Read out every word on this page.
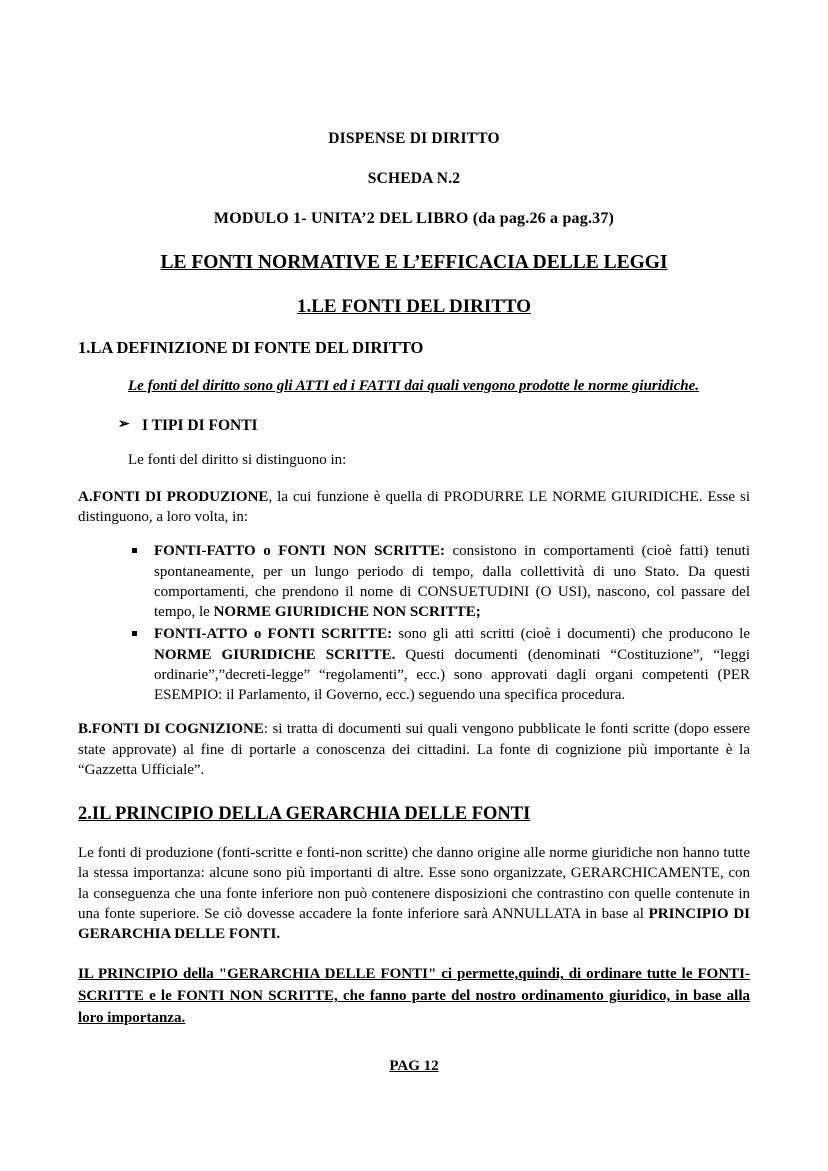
DISPENSE DI DIRITTO
SCHEDA N.2
MODULO 1- UNITA’2 DEL LIBRO (da pag.26 a pag.37)
LE FONTI NORMATIVE E L’EFFICACIA DELLE LEGGI
1.LE FONTI DEL DIRITTO
1.LA DEFINIZIONE DI FONTE DEL DIRITTO
Le fonti del diritto sono gli ATTI ed i FATTI dai quali vengono prodotte le norme giuridiche.
➢ I TIPI DI FONTI
Le fonti del diritto si distinguono in:
A.FONTI DI PRODUZIONE, la cui funzione è quella di PRODURRE LE NORME GIURIDICHE. Esse si distinguono, a loro volta, in:
FONTI-FATTO o FONTI NON SCRITTE: consistono in comportamenti (cioè fatti) tenuti spontaneamente, per un lungo periodo di tempo, dalla collettività di uno Stato. Da questi comportamenti, che prendono il nome di CONSUETUDINI (O USI), nascono, col passare del tempo, le NORME GIURIDICHE NON SCRITTE;
FONTI-ATTO o FONTI SCRITTE: sono gli atti scritti (cioè i documenti) che producono le NORME GIURIDICHE SCRITTE. Questi documenti (denominati “Costituzione”, “leggi ordinarie”,”decreti-legge” “regolamenti”, ecc.) sono approvati dagli organi competenti (PER ESEMPIO: il Parlamento, il Governo, ecc.) seguendo una specifica procedura.
B.FONTI DI COGNIZIONE: si tratta di documenti sui quali vengono pubblicate le fonti scritte (dopo essere state approvate) al fine di portarle a conoscenza dei cittadini. La fonte di cognizione più importante è la “Gazzetta Ufficiale”.
2.IL PRINCIPIO DELLA GERARCHIA DELLE FONTI
Le fonti di produzione (fonti-scritte e fonti-non scritte) che danno origine alle norme giuridiche non hanno tutte la stessa importanza: alcune sono più importanti di altre. Esse sono organizzate, GERARCHICAMENTE, con la conseguenza che una fonte inferiore non può contenere disposizioni che contrastino con quelle contenute in una fonte superiore. Se ciò dovesse accadere la fonte inferiore sarà ANNULLATA in base al PRINCIPIO DI GERARCHIA DELLE FONTI.
IL PRINCIPIO della "GERARCHIA DELLE FONTI" ci permette,quindi, di ordinare tutte le FONTI-SCRITTE e le FONTI NON SCRITTE, che fanno parte del nostro ordinamento giuridico, in base alla loro importanza.
PAG 12
